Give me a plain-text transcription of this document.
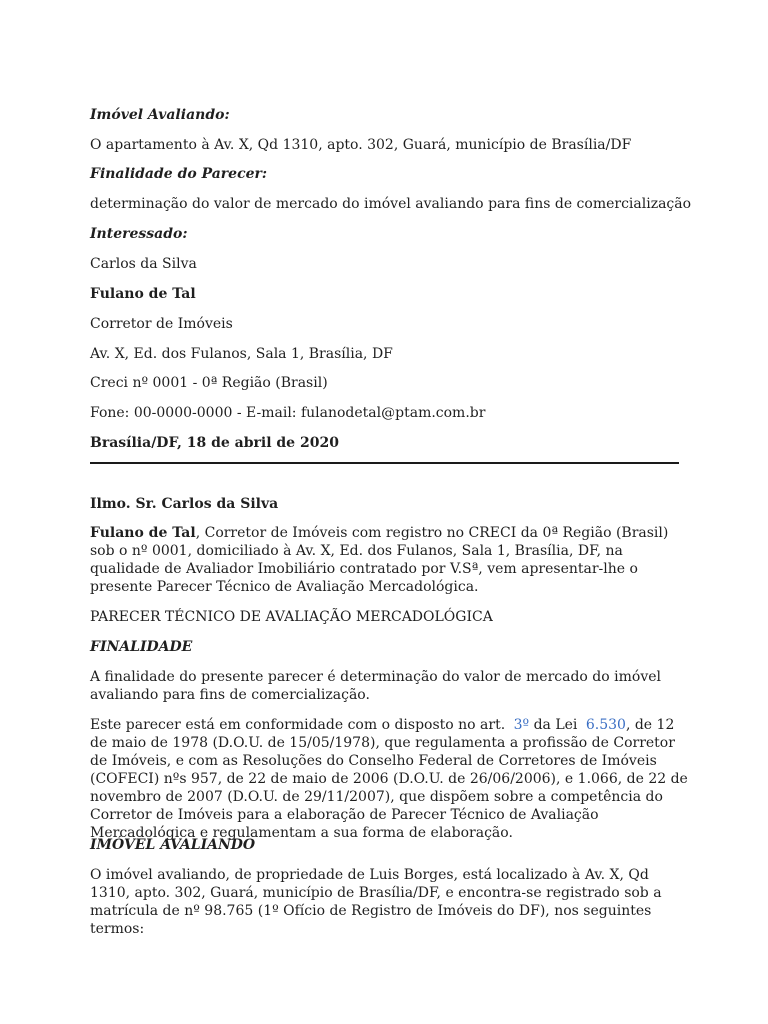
Imóvel Avaliando:
O apartamento à Av. X, Qd 1310, apto. 302, Guará, município de Brasília/DF
Finalidade do Parecer:
determinação do valor de mercado do imóvel avaliando para fins de comercialização
Interessado:
Carlos da Silva
Fulano de Tal
Corretor de Imóveis
Av. X, Ed. dos Fulanos, Sala 1, Brasília, DF
Creci nº 0001 - 0ª Região (Brasil)
Fone: 00-0000-0000 - E-mail: fulanodetal@ptam.com.br
Brasília/DF, 18 de abril de 2020
Ilmo. Sr. Carlos da Silva
Fulano de Tal, Corretor de Imóveis com registro no CRECI da 0ª Região (Brasil) sob o nº 0001, domiciliado à Av. X, Ed. dos Fulanos, Sala 1, Brasília, DF, na qualidade de Avaliador Imobiliário contratado por V.Sª, vem apresentar-lhe o presente Parecer Técnico de Avaliação Mercadológica.
PARECER TÉCNICO DE AVALIAÇÃO MERCADOLÓGICA
FINALIDADE
A finalidade do presente parecer é determinação do valor de mercado do imóvel avaliando para fins de comercialização.
Este parecer está em conformidade com o disposto no art. 3º da Lei 6.530, de 12 de maio de 1978 (D.O.U. de 15/05/1978), que regulamenta a profissão de Corretor de Imóveis, e com as Resoluções do Conselho Federal de Corretores de Imóveis (COFECI) nºs 957, de 22 de maio de 2006 (D.O.U. de 26/06/2006), e 1.066, de 22 de novembro de 2007 (D.O.U. de 29/11/2007), que dispõem sobre a competência do Corretor de Imóveis para a elaboração de Parecer Técnico de Avaliação Mercadológica e regulamentam a sua forma de elaboração.
IMÓVEL AVALIANDO
O imóvel avaliando, de propriedade de Luis Borges, está localizado à Av. X, Qd 1310, apto. 302, Guará, município de Brasília/DF, e encontra-se registrado sob a matrícula de nº 98.765 (1º Ofício de Registro de Imóveis do DF), nos seguintes termos:
